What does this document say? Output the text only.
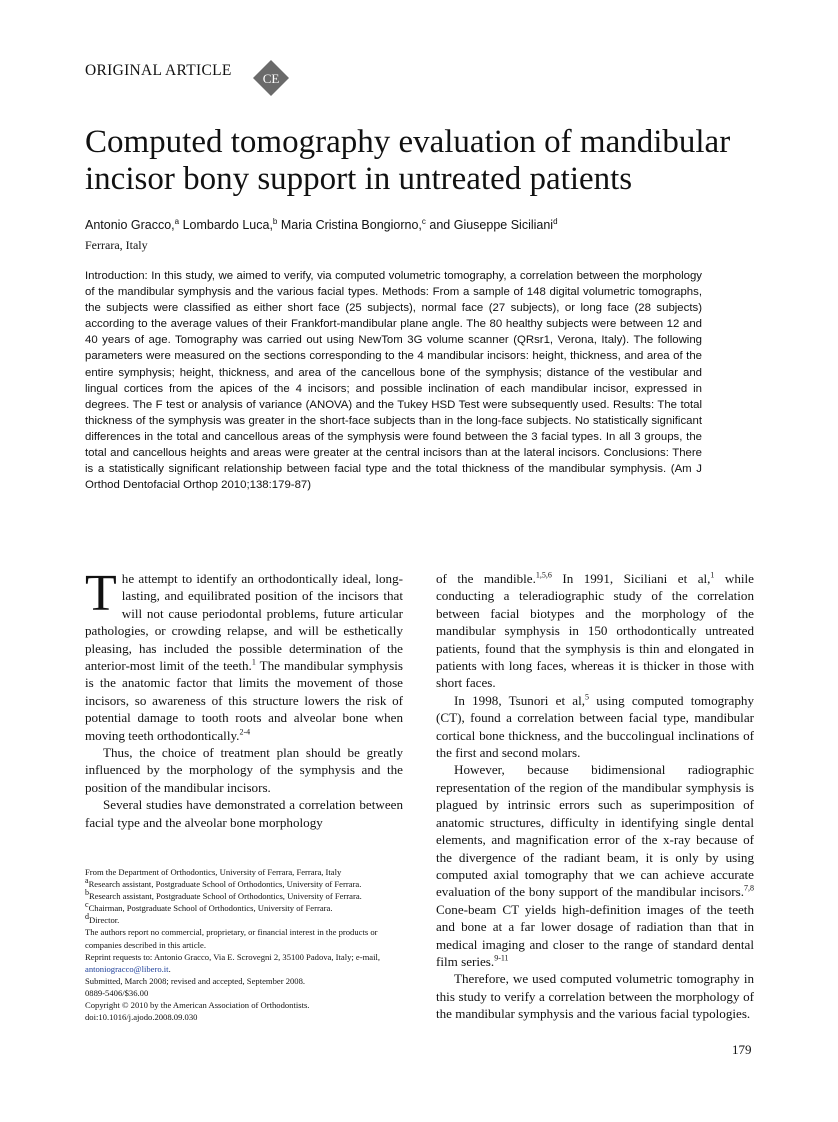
ORIGINAL ARTICLE CE
Computed tomography evaluation of mandibular incisor bony support in untreated patients
Antonio Gracco,$^a$ Lombardo Luca,$^b$ Maria Cristina Bongiorno,$^c$ and Giuseppe Siciliani$^d$
Ferrara, Italy
Introduction: In this study, we aimed to verify, via computed volumetric tomography, a correlation between the morphology of the mandibular symphysis and the various facial types. Methods: From a sample of 148 digital volumetric tomographs, the subjects were classified as either short face (25 subjects), normal face (27 subjects), or long face (28 subjects) according to the average values of their Frankfort-mandibular plane angle. The 80 healthy subjects were between 12 and 40 years of age. Tomography was carried out using NewTom 3G volume scanner (QRsr1, Verona, Italy). The following parameters were measured on the sections corresponding to the 4 mandibular incisors: height, thickness, and area of the entire symphysis; height, thickness, and area of the cancellous bone of the symphysis; distance of the vestibular and lingual cortices from the apices of the 4 incisors; and possible inclination of each mandibular incisor, expressed in degrees. The F test or analysis of variance (ANOVA) and the Tukey HSD Test were subsequently used. Results: The total thickness of the symphysis was greater in the short-face subjects than in the long-face subjects. No statistically significant differences in the total and cancellous areas of the symphysis were found between the 3 facial types. In all 3 groups, the total and cancellous heights and areas were greater at the central incisors than at the lateral incisors. Conclusions: There is a statistically significant relationship between facial type and the total thickness of the mandibular symphysis. (Am J Orthod Dentofacial Orthop 2010;138:179-87)

The attempt to identify an orthodontically ideal, long-lasting, and equilibrated position of the incisors that will not cause periodontal problems, future articular pathologies, or crowding relapse, and will be esthetically pleasing, has included the possible determination of the anterior-most limit of the teeth.$^1$ The mandibular symphysis is the anatomic factor that limits the movement of those incisors, so awareness of this structure lowers the risk of potential damage to tooth roots and alveolar bone when moving teeth orthodontically.$^{2-4}$

Thus, the choice of treatment plan should be greatly influenced by the morphology of the symphysis and the position of the mandibular incisors.

Several studies have demonstrated a correlation between facial type and the alveolar bone morphology

of the mandible.$^{1,5,6}$ In 1991, Siciliani et al,$^1$ while conducting a teleradiographic study of the correlation between facial biotypes and the morphology of the mandibular symphysis in 150 orthodontically untreated patients, found that the symphysis is thin and elongated in patients with long faces, whereas it is thicker in those with short faces.

In 1998, Tsunori et al,$^5$ using computed tomography (CT), found a correlation between facial type, mandibular cortical bone thickness, and the buccolingual inclinations of the first and second molars.

However, because bidimensional radiographic representation of the region of the mandibular symphysis is plagued by intrinsic errors such as superimposition of anatomic structures, difficulty in identifying single dental elements, and magnification error of the x-ray because of the divergence of the radiant beam, it is only by using computed axial tomography that we can achieve accurate evaluation of the bony support of the mandibular incisors.$^{7,8}$ Cone-beam CT yields high-definition images of the teeth and bone at a far lower dosage of radiation than that in medical imaging and closer to the range of standard dental film series.$^{9-11}$

Therefore, we used computed volumetric tomography in this study to verify a correlation between the morphology of the mandibular symphysis and the various facial typologies.

From the Department of Orthodontics, University of Ferrara, Ferrara, Italy
$^a$Research assistant, Postgraduate School of Orthodontics, University of Ferrara.
$^b$Research assistant, Postgraduate School of Orthodontics, University of Ferrara.
$^c$Chairman, Postgraduate School of Orthodontics, University of Ferrara.
$^d$Director.
The authors report no commercial, proprietary, or financial interest in the products or companies described in this article.
Reprint requests to: Antonio Gracco, Via E. Scrovegni 2, 35100 Padova, Italy; e-mail, antoniogracco@libero.it.
Submitted, March 2008; revised and accepted, September 2008.
0889-5406/$36.00
Copyright © 2010 by the American Association of Orthodontists.
doi:10.1016/j.ajodo.2008.09.030
179
